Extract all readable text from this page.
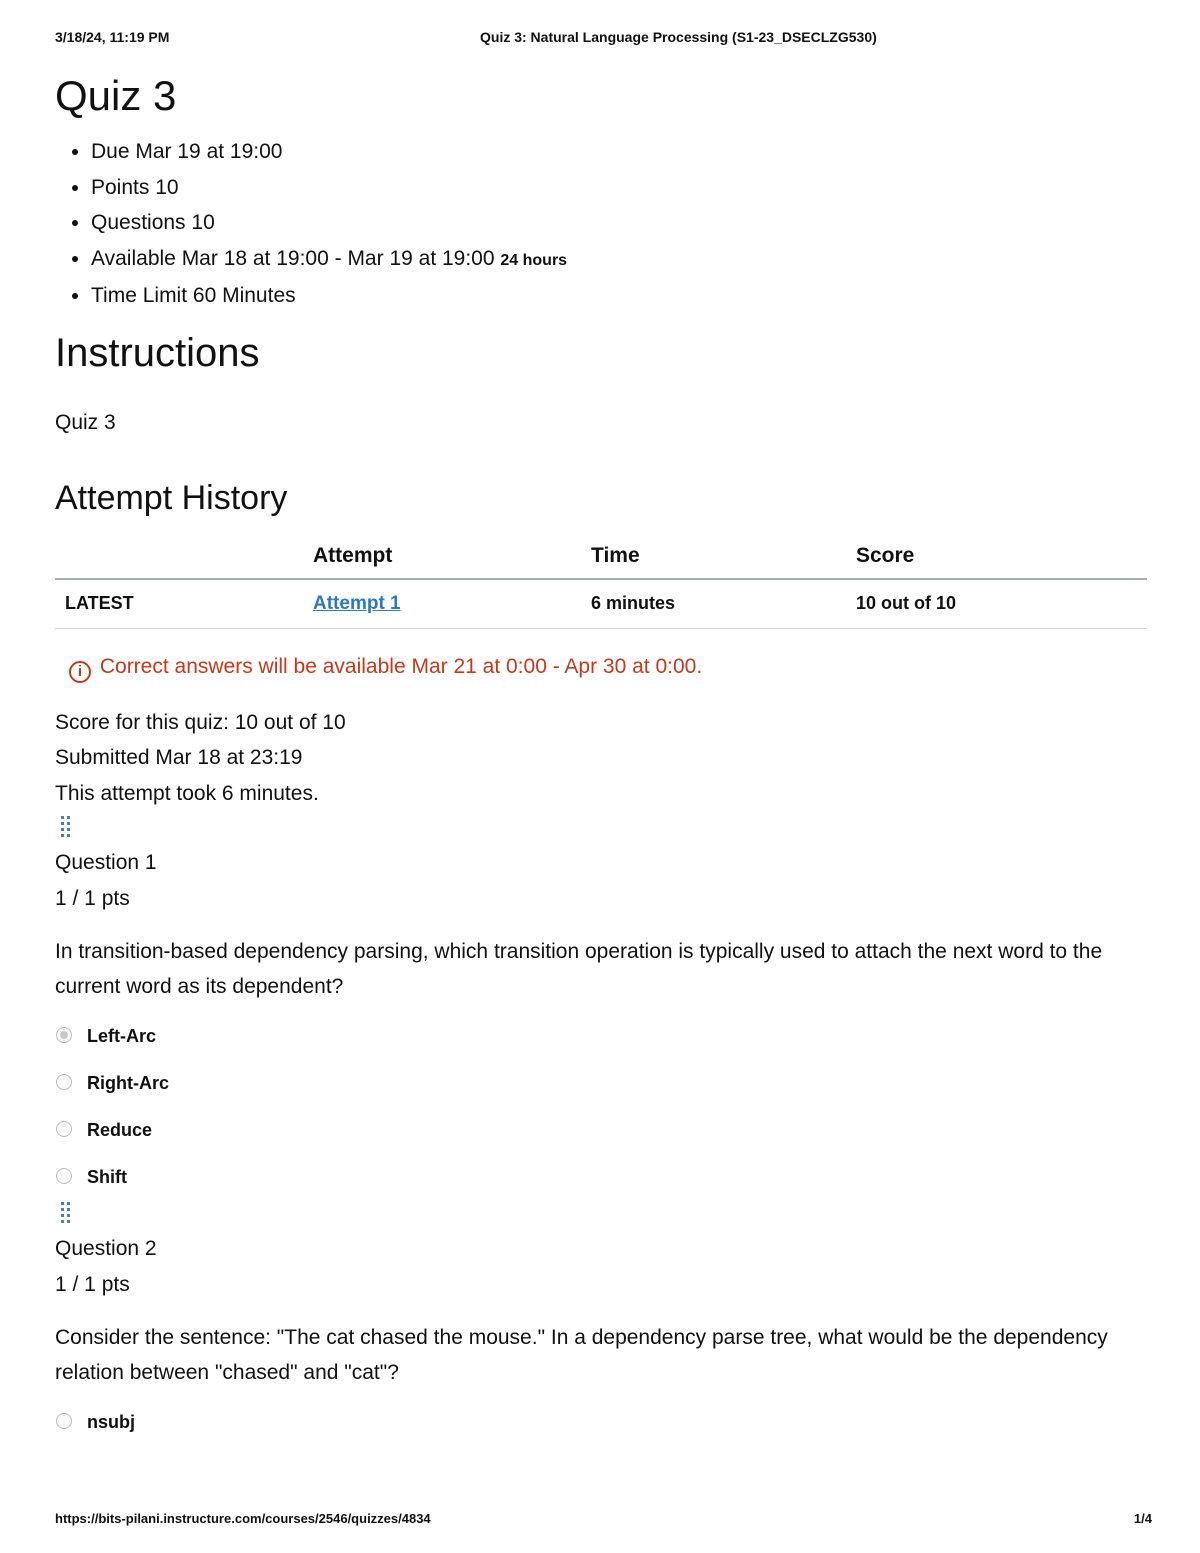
3/18/24, 11:19 PM	Quiz 3: Natural Language Processing (S1-23_DSECLZG530)
Quiz 3
• Due Mar 19 at 19:00
• Points 10
• Questions 10
• Available Mar 18 at 19:00 - Mar 19 at 19:00 24 hours
• Time Limit 60 Minutes
Instructions
Quiz 3
Attempt History
	Attempt	Time	Score
LATEST	Attempt 1	6 minutes	10 out of 10
i Correct answers will be available Mar 21 at 0:00 - Apr 30 at 0:00.
Score for this quiz: 10 out of 10
Submitted Mar 18 at 23:19
This attempt took 6 minutes.
Question 1
1 / 1 pts
In transition-based dependency parsing, which transition operation is typically used to attach the next word to the current word as its dependent?
Left-Arc
Right-Arc
Reduce
Shift
Question 2
1 / 1 pts
Consider the sentence: "The cat chased the mouse." In a dependency parse tree, what would be the dependency relation between "chased" and "cat"?
nsubj
https://bits-pilani.instructure.com/courses/2546/quizzes/4834	1/4
